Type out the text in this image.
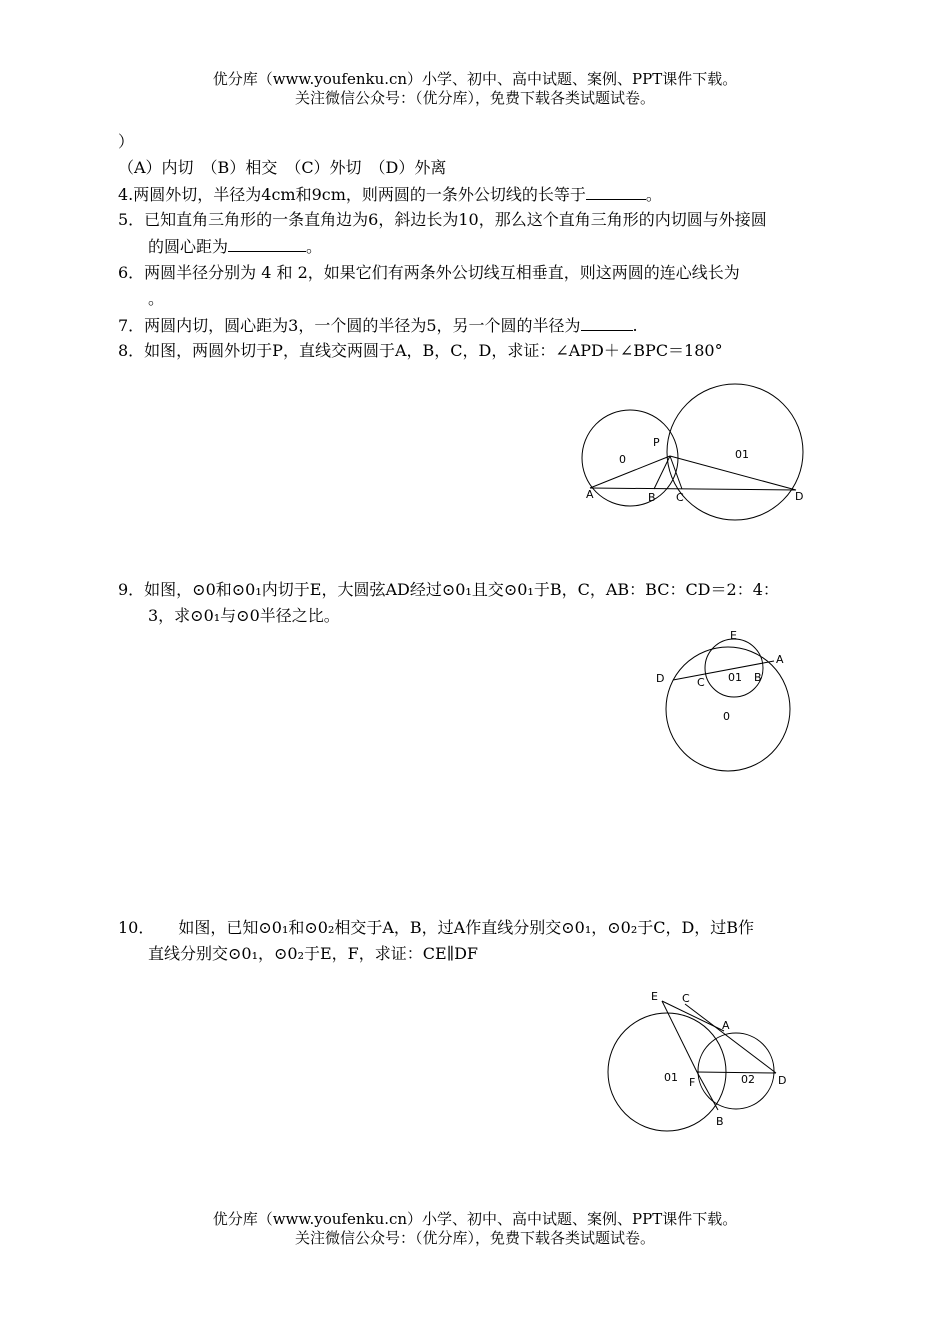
优分库（www.youfenku.cn）小学、初中、高中试题、案例、PPT课件下载。
关注微信公众号：（优分库），免费下载各类试题试卷。
）
（A）内切　（B）相交　（C）外切　（D）外离
4.两圆外切，半径为4cm和9cm，则两圆的一条外公切线的长等于	。
5．已知直角三角形的一条直角边为6，斜边长为10，那么这个直角三角形的内切圆与外接圆
的圆心距为	。
6．两圆半径分别为 4 和 2，如果它们有两条外公切线互相垂直，则这两圆的连心线长为
。
7．两圆内切，圆心距为3，一个圆的半径为5，另一个圆的半径为	.
8．如图，两圆外切于P，直线交两圆于A，B，C，D，求证：∠APD＋∠BPC＝180°
0	01
P
A	B C	D
9．如图，⊙0和⊙0₁内切于E，大圆弦AD经过⊙0₁且交⊙0₁于B，C，AB：BC：CD＝2：4：
3，求⊙0₁与⊙0半径之比。
E
A
D	C 01 B
0
10．　　如图，已知⊙0₁和⊙0₂相交于A，B，过A作直线分别交⊙0₁，⊙0₂于C，D，过B作
直线分别交⊙0₁，⊙0₂于E，F，求证：CE∥DF
E C
A
01 F	02 D
B
优分库（www.youfenku.cn）小学、初中、高中试题、案例、PPT课件下载。
关注微信公众号：（优分库），免费下载各类试题试卷。
